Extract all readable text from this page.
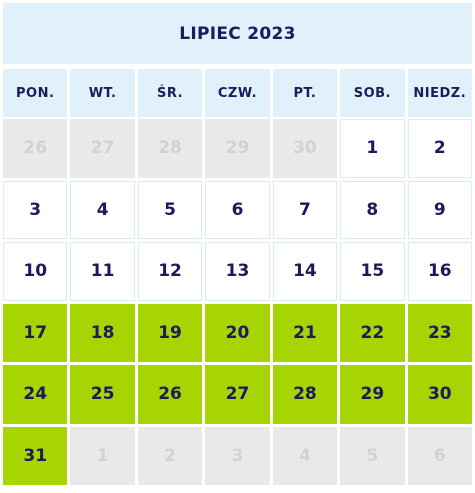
LIPIEC 2023
PON.	WT.	ŚR.	CZW.	PT.	SOB.	NIEDZ.
26	27	28	29	30	1	2
3	4	5	6	7	8	9
10	11	12	13	14	15	16
17	18	19	20	21	22	23
24	25	26	27	28	29	30
31	1	2	3	4	5	6
